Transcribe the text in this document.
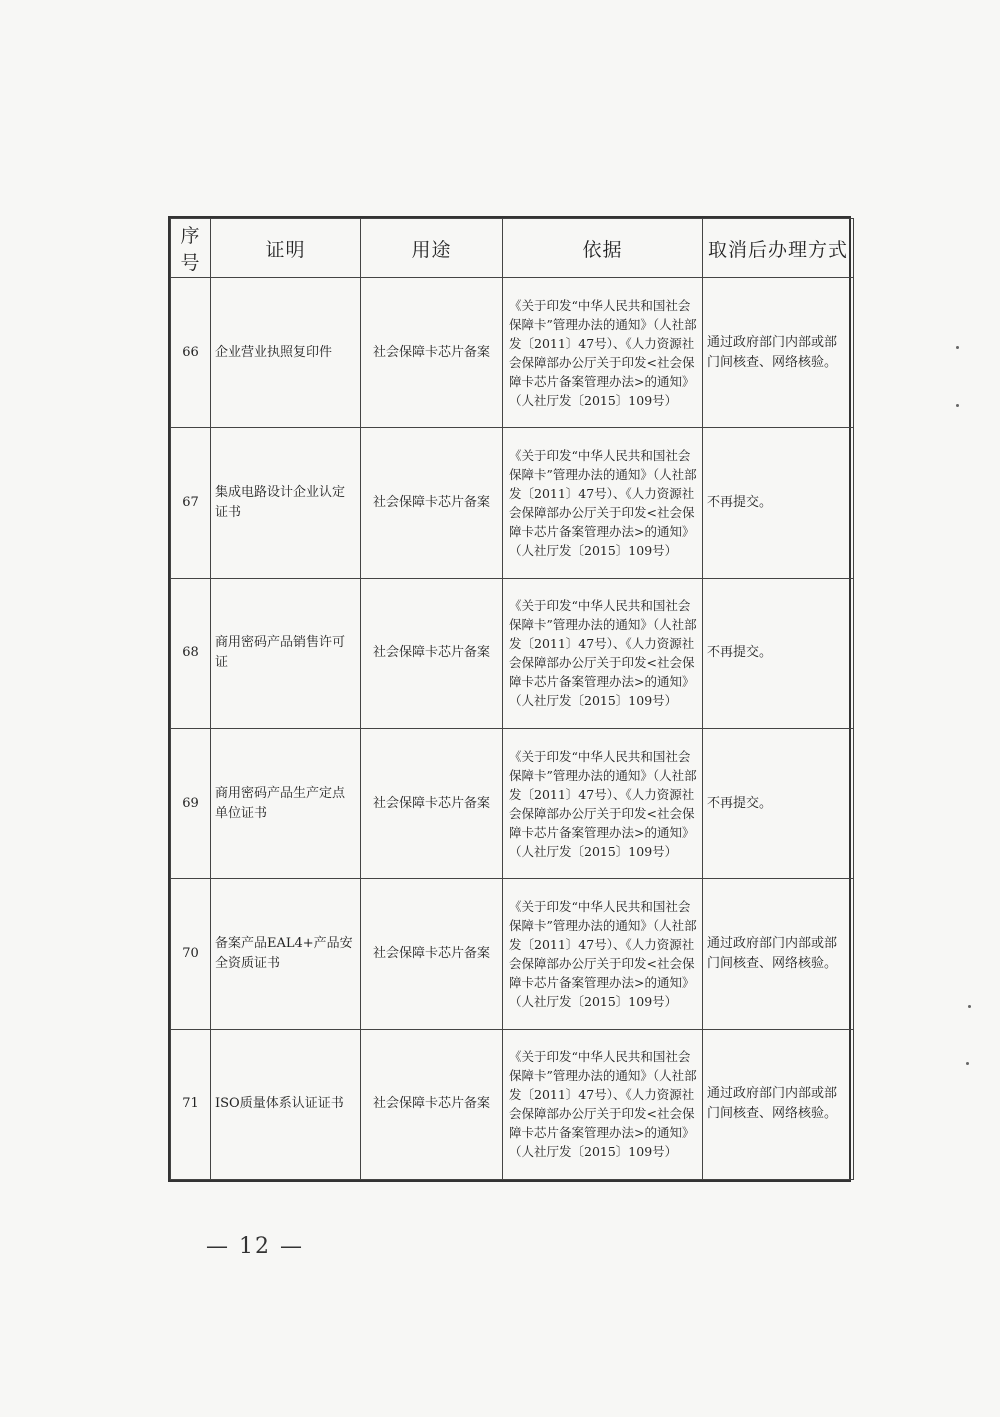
序号	证明	用途	依据	取消后办理方式
66	企业营业执照复印件	社会保障卡芯片备案	《关于印发“中华人民共和国社会保障卡”管理办法的通知》（人社部发〔2011〕47号）、《人力资源社会保障部办公厅关于印发<社会保障卡芯片备案管理办法>的通知》（人社厅发〔2015〕109号）	通过政府部门内部或部门间核查、网络核验。
67	集成电路设计企业认定证书	社会保障卡芯片备案	《关于印发“中华人民共和国社会保障卡”管理办法的通知》（人社部发〔2011〕47号）、《人力资源社会保障部办公厅关于印发<社会保障卡芯片备案管理办法>的通知》（人社厅发〔2015〕109号）	不再提交。
68	商用密码产品销售许可证	社会保障卡芯片备案	《关于印发“中华人民共和国社会保障卡”管理办法的通知》（人社部发〔2011〕47号）、《人力资源社会保障部办公厅关于印发<社会保障卡芯片备案管理办法>的通知》（人社厅发〔2015〕109号）	不再提交。
69	商用密码产品生产定点单位证书	社会保障卡芯片备案	《关于印发“中华人民共和国社会保障卡”管理办法的通知》（人社部发〔2011〕47号）、《人力资源社会保障部办公厅关于印发<社会保障卡芯片备案管理办法>的通知》（人社厅发〔2015〕109号）	不再提交。
70	备案产品EAL4+产品安全资质证书	社会保障卡芯片备案	《关于印发“中华人民共和国社会保障卡”管理办法的通知》（人社部发〔2011〕47号）、《人力资源社会保障部办公厅关于印发<社会保障卡芯片备案管理办法>的通知》（人社厅发〔2015〕109号）	通过政府部门内部或部门间核查、网络核验。
71	ISO质量体系认证证书	社会保障卡芯片备案	《关于印发“中华人民共和国社会保障卡”管理办法的通知》（人社部发〔2011〕47号）、《人力资源社会保障部办公厅关于印发<社会保障卡芯片备案管理办法>的通知》（人社厅发〔2015〕109号）	通过政府部门内部或部门间核查、网络核验。
— 12 —
